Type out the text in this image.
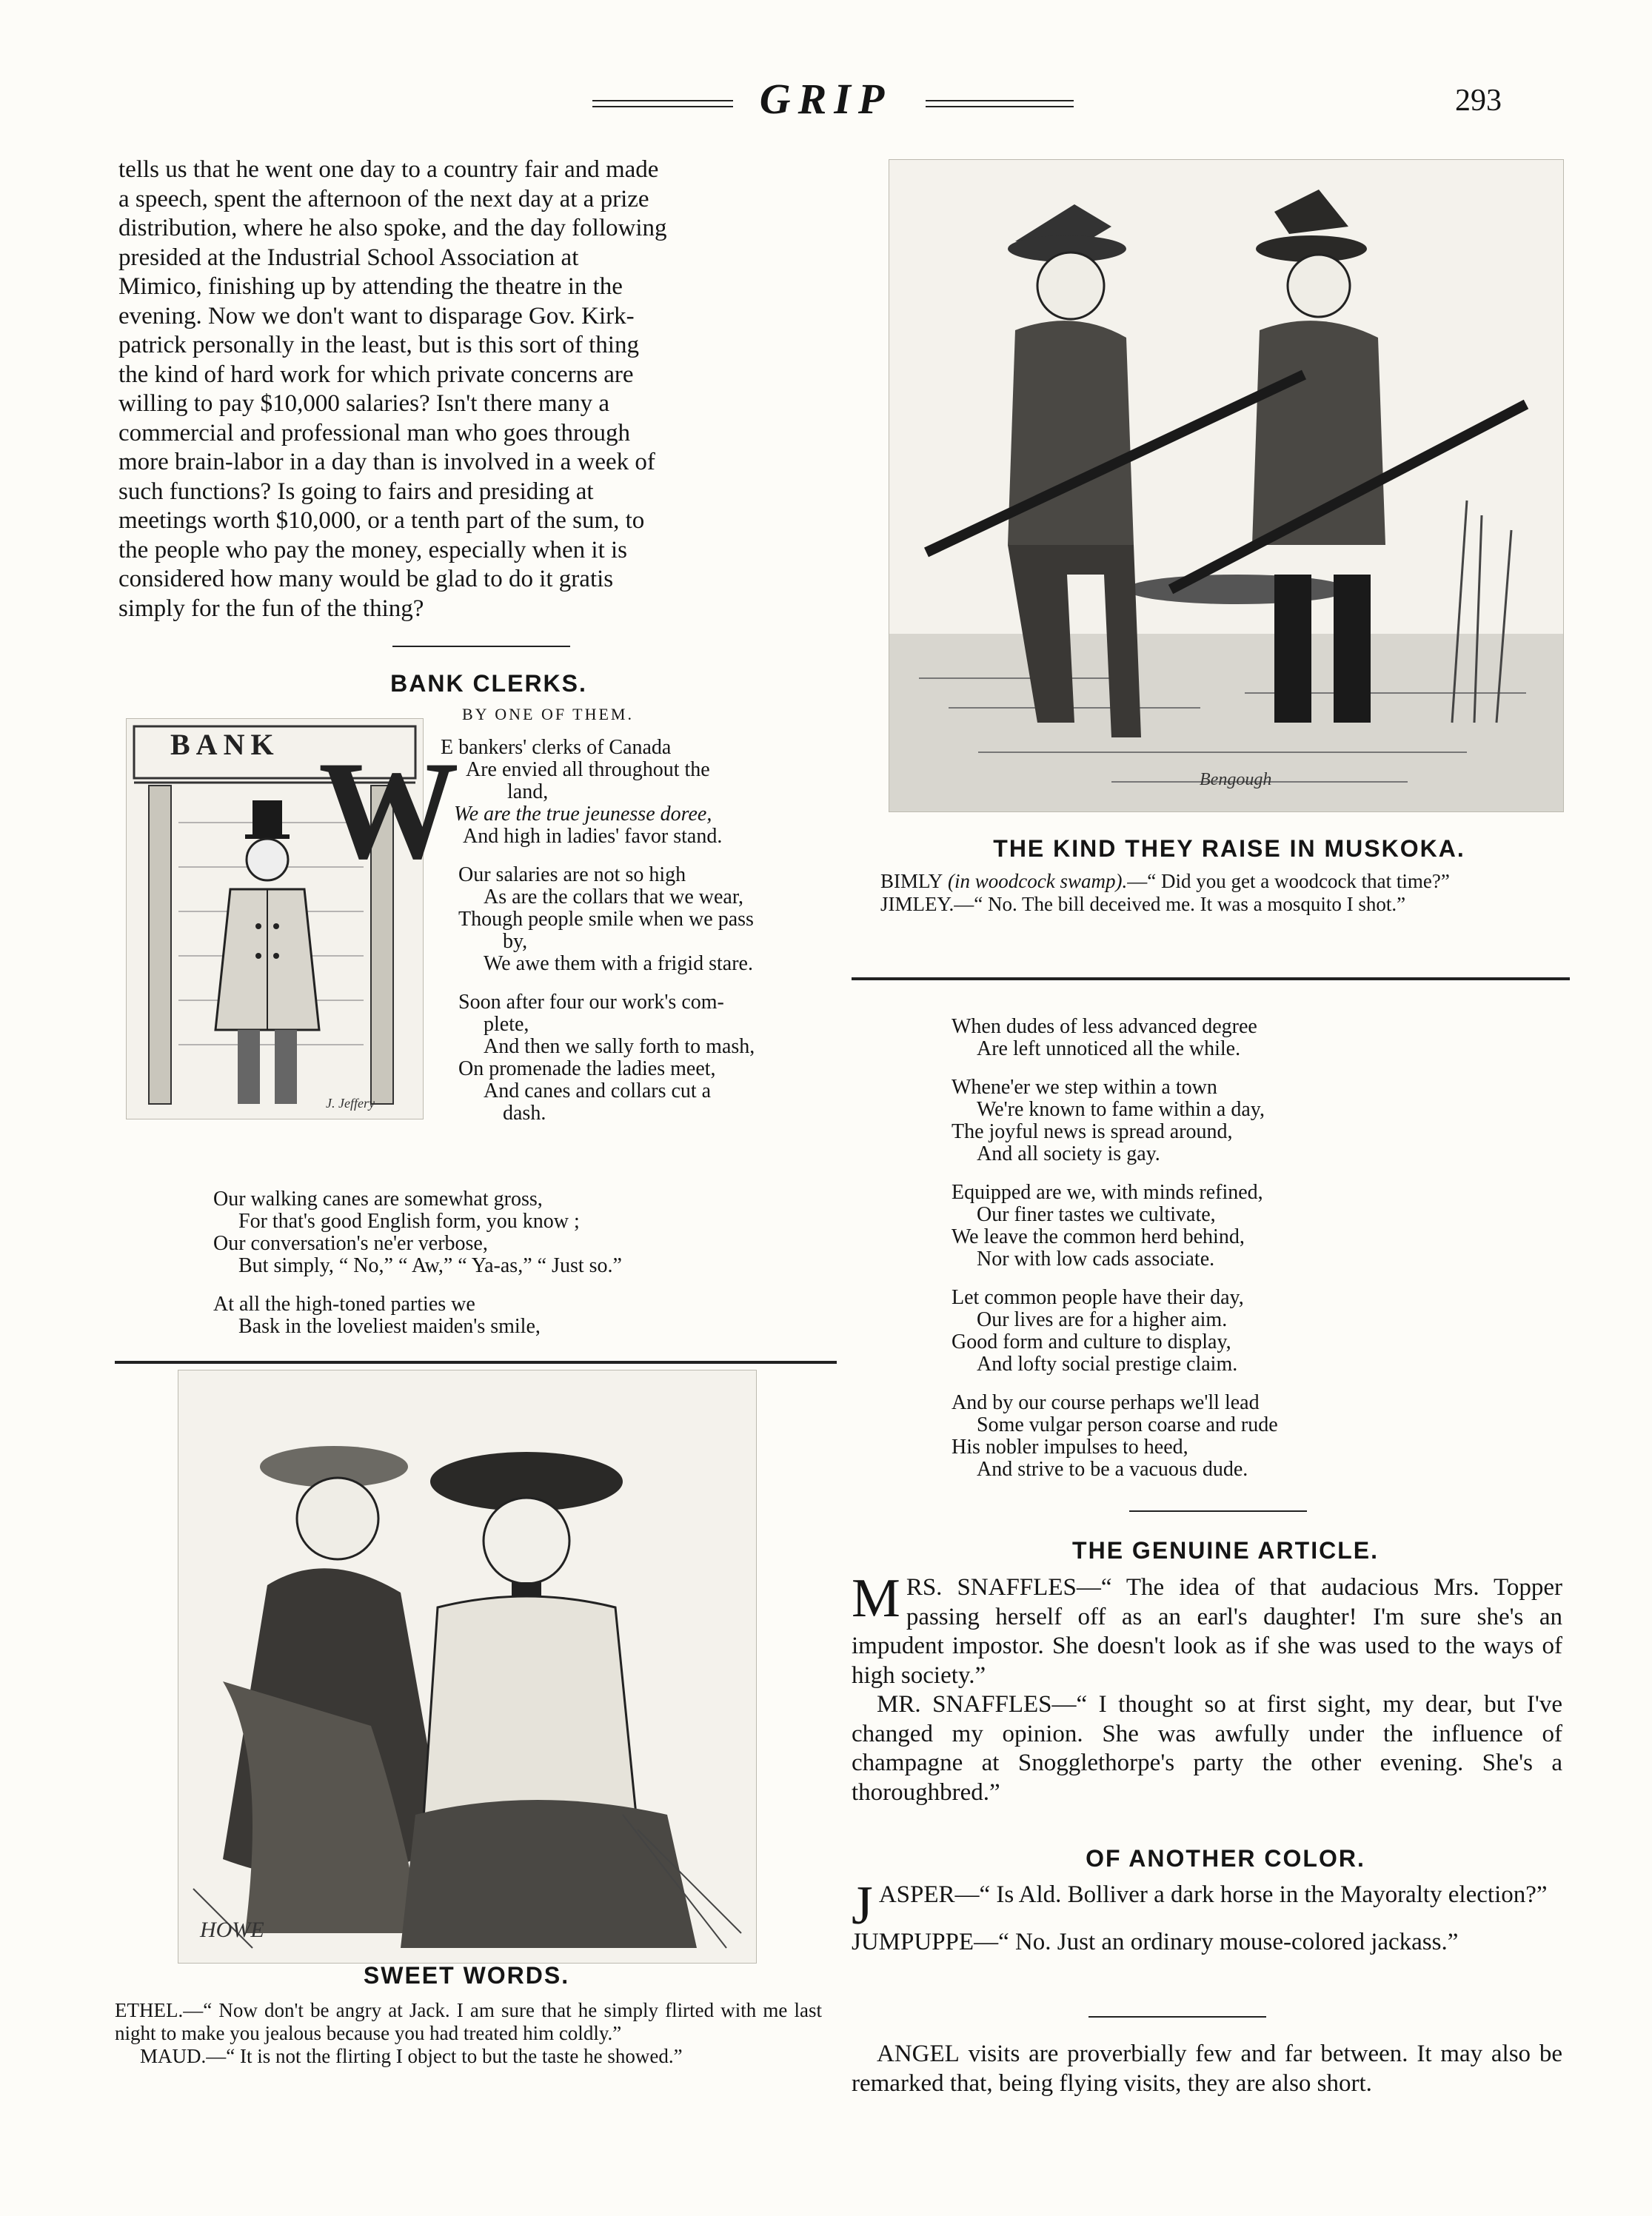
GRIP	293
tells us that he went one day to a country fair and made
a speech, spent the afternoon of the next day at a prize
distribution, where he also spoke, and the day following
presided at the Industrial School Association at
Mimico, finishing up by attending the theatre in the
evening. Now we don't want to disparage Gov. Kirk-
patrick personally in the least, but is this sort of thing
the kind of hard work for which private concerns are
willing to pay $10,000 salaries? Isn't there many a
commercial and professional man who goes through
more brain-labor in a day than is involved in a week of
such functions? Is going to fairs and presiding at
meetings worth $10,000, or a tenth part of the sum, to
the people who pay the money, especially when it is
considered how many would be glad to do it gratis
simply for the fun of the thing?
BANK CLERKS.
BY ONE OF THEM.
BANK
J. Jeffery
W
E bankers' clerks of Canada
Are envied all throughout the
land,
We are the true jeunesse doree,
And high in ladies' favor stand.
Our salaries are not so high
As are the collars that we wear,
Though people smile when we pass
by,
We awe them with a frigid stare.
Soon after four our work's com-
plete,
And then we sally forth to mash,
On promenade the ladies meet,
And canes and collars cut a
dash.
Our walking canes are somewhat gross,
For that's good English form, you know ;
Our conversation's ne'er verbose,
But simply, “ No,” “ Aw,” “ Ya-as,” “ Just so.”
At all the high-toned parties we
Bask in the loveliest maiden's smile,
HOWE
SWEET WORDS.
ETHEL.—“ Now don't be angry at Jack. I am sure that he simply flirted with me last night to make you jealous because you had treated him coldly.”
MAUD.—“ It is not the flirting I object to but the taste he showed.”
Bengough
THE KIND THEY RAISE IN MUSKOKA.
BIMLY (in woodcock swamp).—“ Did you get a woodcock that time?”
JIMLEY.—“ No. The bill deceived me. It was a mosquito I shot.”
When dudes of less advanced degree
Are left unnoticed all the while.
Whene'er we step within a town
We're known to fame within a day,
The joyful news is spread around,
And all society is gay.
Equipped are we, with minds refined,
Our finer tastes we cultivate,
We leave the common herd behind,
Nor with low cads associate.
Let common people have their day,
Our lives are for a higher aim.
Good form and culture to display,
And lofty social prestige claim.
And by our course perhaps we'll lead
Some vulgar person coarse and rude
His nobler impulses to heed,
And strive to be a vacuous dude.
THE GENUINE ARTICLE.
MRS. SNAFFLES—“ The idea of that audacious Mrs. Topper passing herself off as an earl's daughter! I'm sure she's an impudent impostor. She doesn't look as if she was used to the ways of high society.”
MR. SNAFFLES—“ I thought so at first sight, my dear, but I've changed my opinion. She was awfully under the influence of champagne at Snogglethorpe's party the other evening. She's a thoroughbred.”
OF ANOTHER COLOR.
JASPER—“ Is Ald. Bolliver a dark horse in the Mayoralty election?”
JUMPUPPE—“ No. Just an ordinary mouse-colored jackass.”
ANGEL visits are proverbially few and far between. It may also be remarked that, being flying visits, they are also short.
